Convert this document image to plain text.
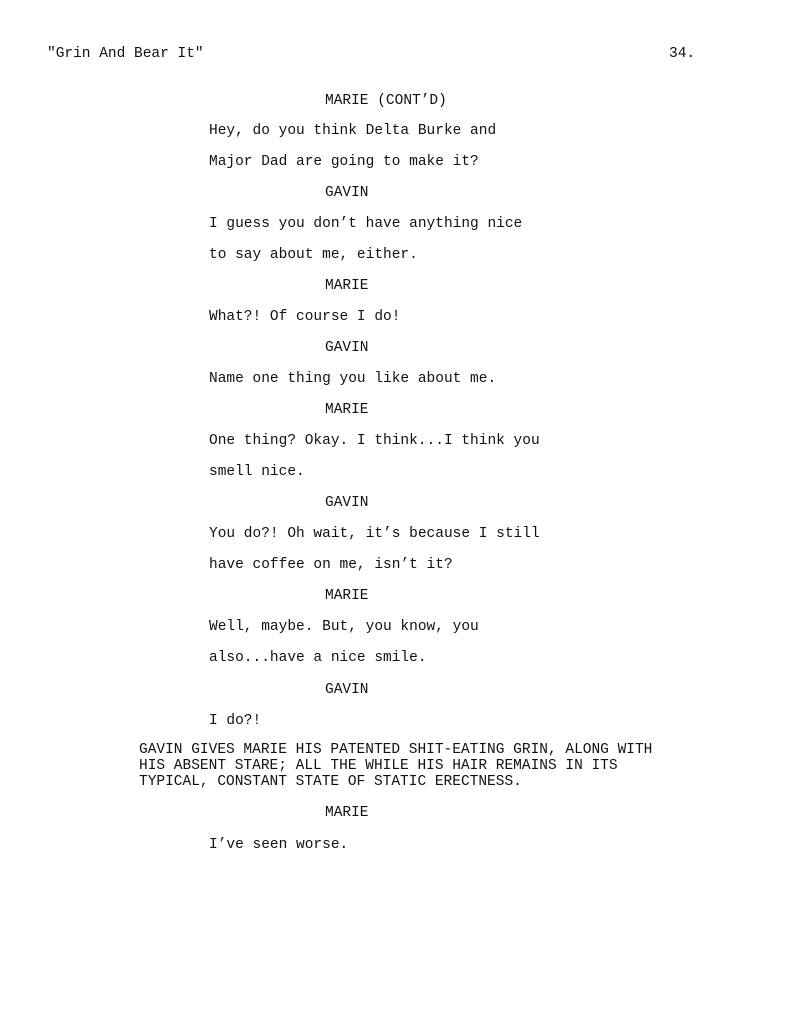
"Grin And Bear It"	34.
MARIE (CONT’D)
Hey, do you think Delta Burke and
Major Dad are going to make it?
GAVIN
I guess you don’t have anything nice
to say about me, either.
MARIE
What?! Of course I do!
GAVIN
Name one thing you like about me.
MARIE
One thing? Okay. I think...I think you
smell nice.
GAVIN
You do?! Oh wait, it’s because I still
have coffee on me, isn’t it?
MARIE
Well, maybe. But, you know, you
also...have a nice smile.
GAVIN
I do?!
GAVIN GIVES MARIE HIS PATENTED SHIT-EATING GRIN, ALONG WITH
HIS ABSENT STARE; ALL THE WHILE HIS HAIR REMAINS IN ITS
TYPICAL, CONSTANT STATE OF STATIC ERECTNESS.
MARIE
I’ve seen worse.
